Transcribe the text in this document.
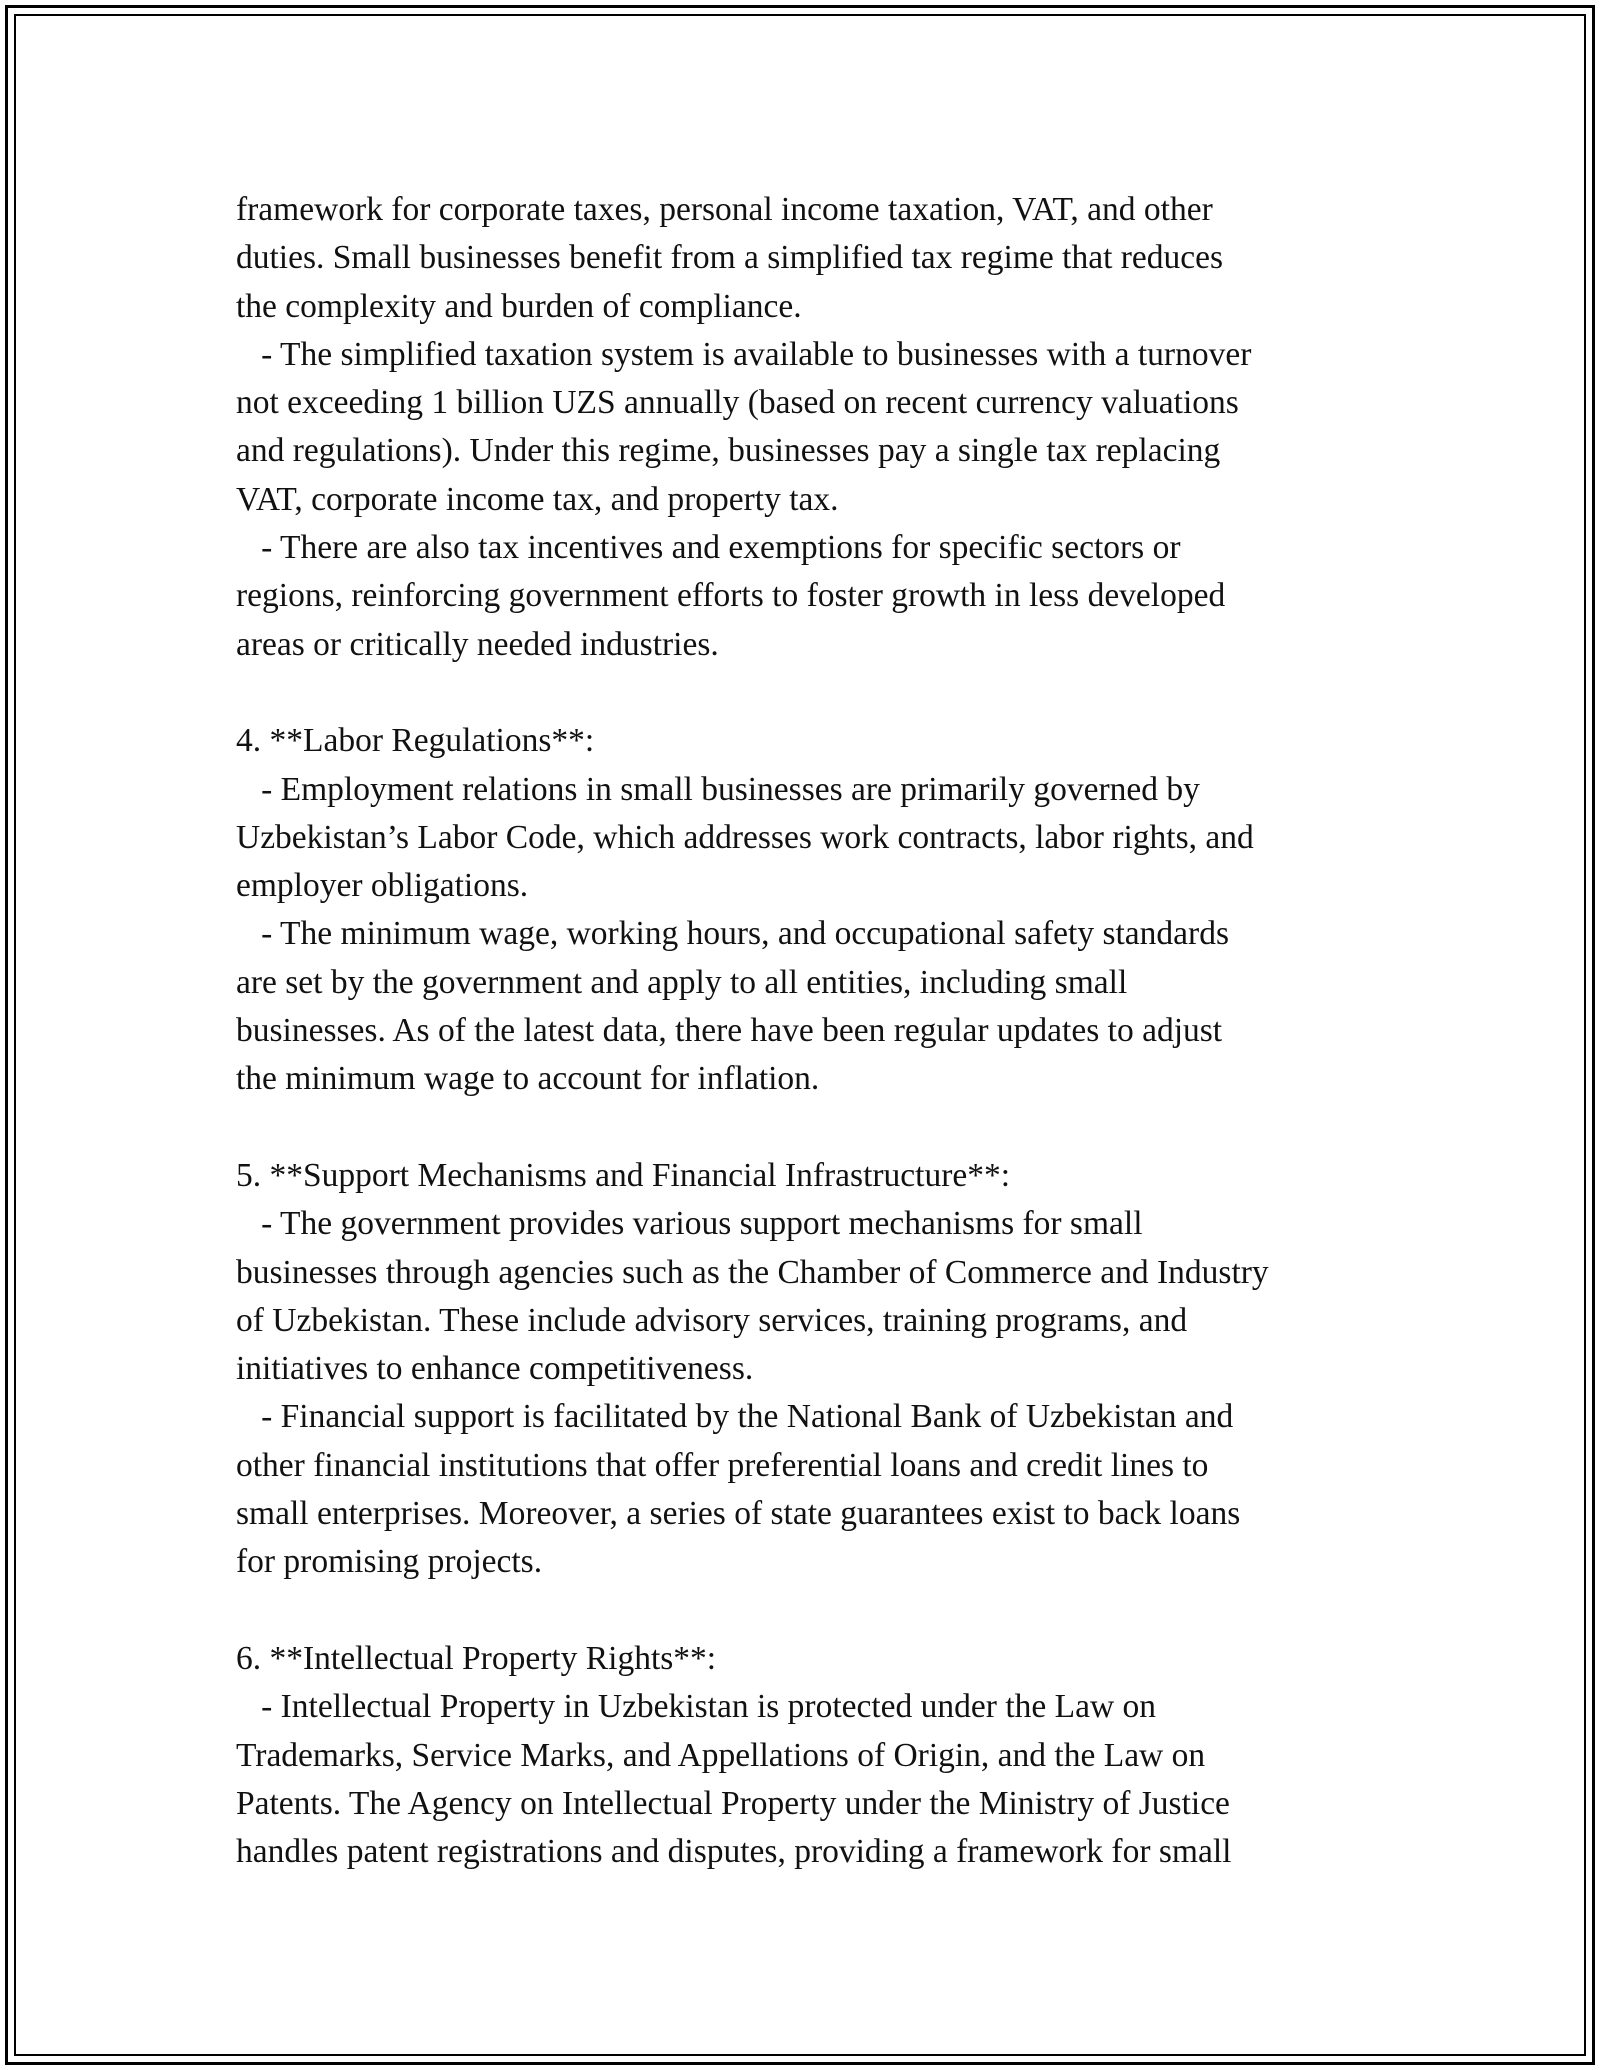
framework for corporate taxes, personal income taxation, VAT, and other
duties. Small businesses benefit from a simplified tax regime that reduces
the complexity and burden of compliance.
- The simplified taxation system is available to businesses with a turnover
not exceeding 1 billion UZS annually (based on recent currency valuations
and regulations). Under this regime, businesses pay a single tax replacing
VAT, corporate income tax, and property tax.
- There are also tax incentives and exemptions for specific sectors or
regions, reinforcing government efforts to foster growth in less developed
areas or critically needed industries.
4. **Labor Regulations**:
- Employment relations in small businesses are primarily governed by
Uzbekistan’s Labor Code, which addresses work contracts, labor rights, and
employer obligations.
- The minimum wage, working hours, and occupational safety standards
are set by the government and apply to all entities, including small
businesses. As of the latest data, there have been regular updates to adjust
the minimum wage to account for inflation.
5. **Support Mechanisms and Financial Infrastructure**:
- The government provides various support mechanisms for small
businesses through agencies such as the Chamber of Commerce and Industry
of Uzbekistan. These include advisory services, training programs, and
initiatives to enhance competitiveness.
- Financial support is facilitated by the National Bank of Uzbekistan and
other financial institutions that offer preferential loans and credit lines to
small enterprises. Moreover, a series of state guarantees exist to back loans
for promising projects.
6. **Intellectual Property Rights**:
- Intellectual Property in Uzbekistan is protected under the Law on
Trademarks, Service Marks, and Appellations of Origin, and the Law on
Patents. The Agency on Intellectual Property under the Ministry of Justice
handles patent registrations and disputes, providing a framework for small
